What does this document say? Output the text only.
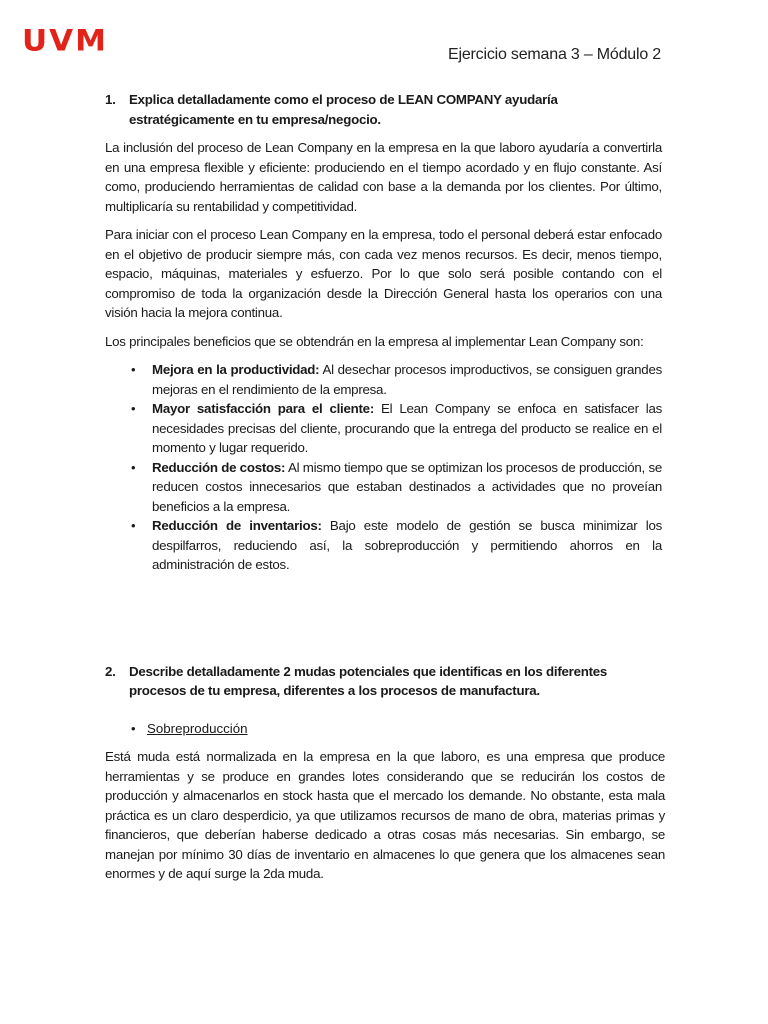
UVM	Ejercicio semana 3 – Módulo 2
1.	Explica detalladamente como el proceso de LEAN COMPANY ayudaría estratégicamente en tu empresa/negocio.

La inclusión del proceso de Lean Company en la empresa en la que laboro ayudaría a convertirla en una empresa flexible y eficiente: produciendo en el tiempo acordado y en flujo constante. Así como, produciendo herramientas de calidad con base a la demanda por los clientes. Por último, multiplicaría su rentabilidad y competitividad.

Para iniciar con el proceso Lean Company en la empresa, todo el personal deberá estar enfocado en el objetivo de producir siempre más, con cada vez menos recursos. Es decir, menos tiempo, espacio, máquinas, materiales y esfuerzo. Por lo que solo será posible contando con el compromiso de toda la organización desde la Dirección General hasta los operarios con una visión hacia la mejora continua.

Los principales beneficios que se obtendrán en la empresa al implementar Lean Company son:

• Mejora en la productividad: Al desechar procesos improductivos, se consiguen grandes mejoras en el rendimiento de la empresa.
• Mayor satisfacción para el cliente: El Lean Company se enfoca en satisfacer las necesidades precisas del cliente, procurando que la entrega del producto se realice en el momento y lugar requerido.
• Reducción de costos: Al mismo tiempo que se optimizan los procesos de producción, se reducen costos innecesarios que estaban destinados a actividades que no proveían beneficios a la empresa.
• Reducción de inventarios: Bajo este modelo de gestión se busca minimizar los despilfarros, reduciendo así, la sobreproducción y permitiendo ahorros en la administración de estos.
2.	Describe detalladamente 2 mudas potenciales que identificas en los diferentes procesos de tu empresa, diferentes a los procesos de manufactura.
• Sobreproducción

Está muda está normalizada en la empresa en la que laboro, es una empresa que produce herramientas y se produce en grandes lotes considerando que se reducirán los costos de producción y almacenarlos en stock hasta que el mercado los demande. No obstante, esta mala práctica es un claro desperdicio, ya que utilizamos recursos de mano de obra, materias primas y financieros, que deberían haberse dedicado a otras cosas más necesarias. Sin embargo, se manejan por mínimo 30 días de inventario en almacenes lo que genera que los almacenes sean enormes y de aquí surge la 2da muda.
